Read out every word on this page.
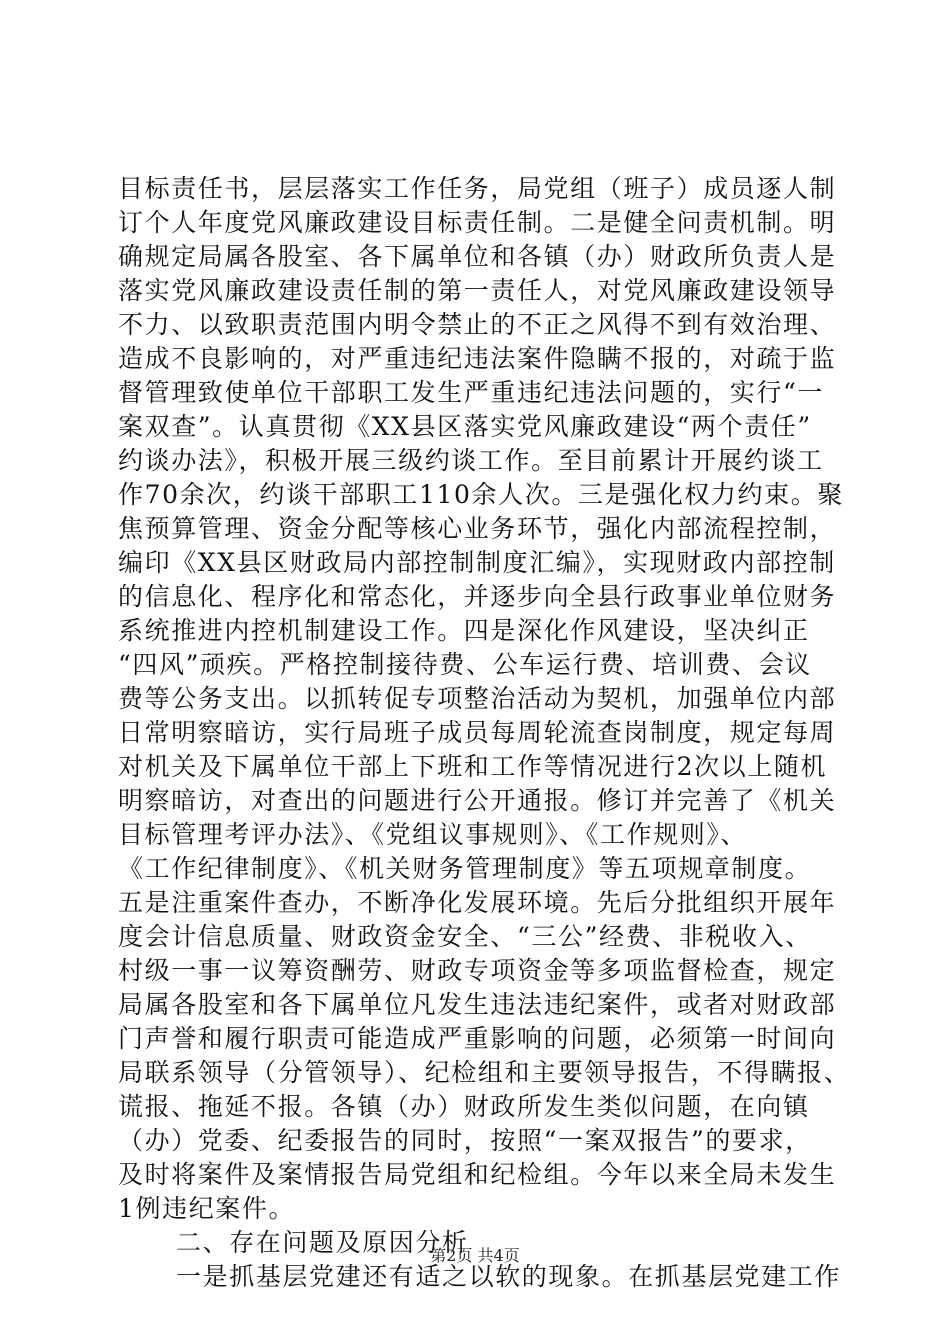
目标责任书，层层落实工作任务，局党组（班子）成员逐人制
订个人年度党风廉政建设目标责任制。二是健全问责机制。明
确规定局属各股室、各下属单位和各镇（办）财政所负责人是
落实党风廉政建设责任制的第一责任人，对党风廉政建设领导
不力、以致职责范围内明令禁止的不正之风得不到有效治理、
造成不良影响的，对严重违纪违法案件隐瞒不报的，对疏于监
督管理致使单位干部职工发生严重违纪违法问题的，实行“一
案双查”。认真贯彻《XX县区落实党风廉政建设“两个责任”
约谈办法》，积极开展三级约谈工作。至目前累计开展约谈工
作70余次，约谈干部职工110余人次。三是强化权力约束。聚
焦预算管理、资金分配等核心业务环节，强化内部流程控制，
编印《XX县区财政局内部控制制度汇编》，实现财政内部控制
的信息化、程序化和常态化，并逐步向全县行政事业单位财务
系统推进内控机制建设工作。四是深化作风建设，坚决纠正
“四风”顽疾。严格控制接待费、公车运行费、培训费、会议
费等公务支出。以抓转促专项整治活动为契机，加强单位内部
日常明察暗访，实行局班子成员每周轮流查岗制度，规定每周
对机关及下属单位干部上下班和工作等情况进行2次以上随机
明察暗访，对查出的问题进行公开通报。修订并完善了《机关
目标管理考评办法》、《党组议事规则》、《工作规则》、
《工作纪律制度》、《机关财务管理制度》等五项规章制度。
五是注重案件查办，不断净化发展环境。先后分批组织开展年
度会计信息质量、财政资金安全、“三公”经费、非税收入、
村级一事一议筹资酬劳、财政专项资金等多项监督检查，规定
局属各股室和各下属单位凡发生违法违纪案件，或者对财政部
门声誉和履行职责可能造成严重影响的问题，必须第一时间向
局联系领导（分管领导）、纪检组和主要领导报告，不得瞒报、
谎报、拖延不报。各镇（办）财政所发生类似问题，在向镇
（办）党委、纪委报告的同时，按照“一案双报告”的要求，
及时将案件及案情报告局党组和纪检组。今年以来全局未发生
1例违纪案件。
二、存在问题及原因分析
一是抓基层党建还有适之以软的现象。在抓基层党建工作
第2页 共4页
